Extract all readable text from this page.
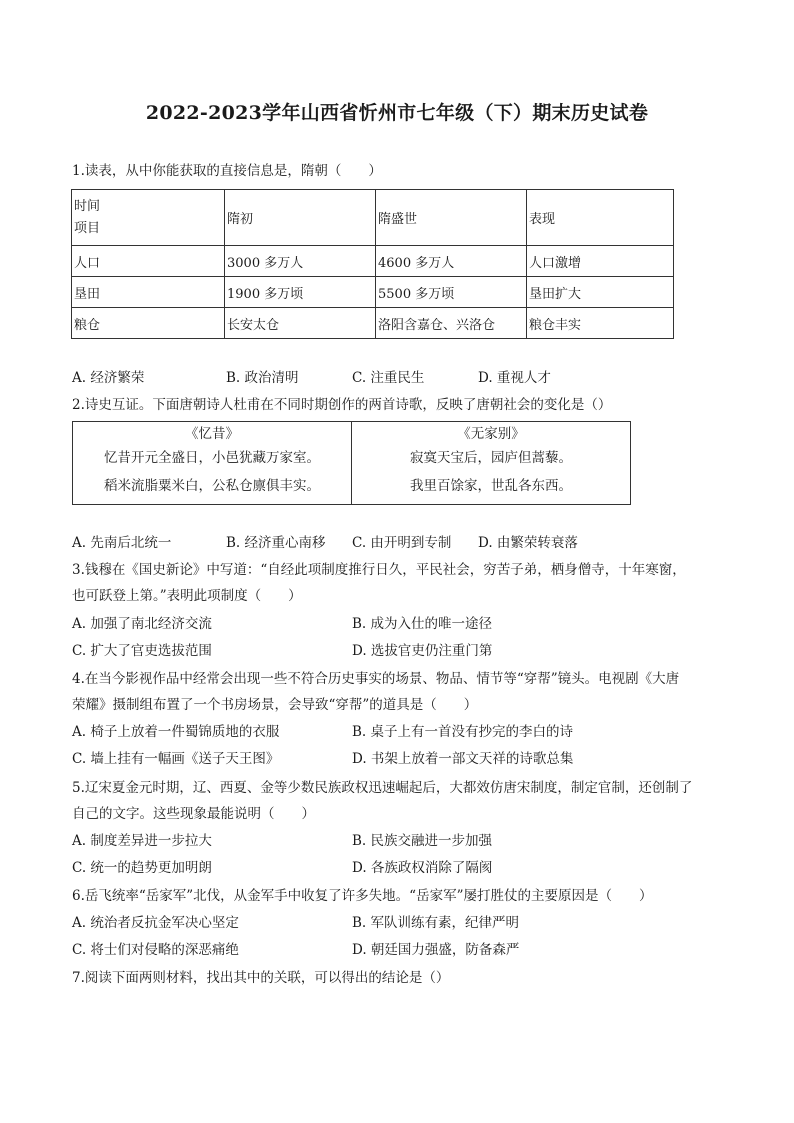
2022-2023学年山西省忻州市七年级（下）期末历史试卷
1.读表，从中你能获取的直接信息是，隋朝（　　）
时间
项目	隋初	隋盛世	表现
人口	3000 多万人	4600 多万人	人口激增
垦田	1900 多万顷	5500 多万顷	垦田扩大
粮仓	长安太仓	洛阳含嘉仓、兴洛仓	粮仓丰实
A. 经济繁荣	B. 政治清明	C. 注重民生	D. 重视人才
2.诗史互证。下面唐朝诗人杜甫在不同时期创作的两首诗歌，反映了唐朝社会的变化是（）
《忆昔》
忆昔开元全盛日，小邑犹藏万家室。
稻米流脂粟米白，公私仓廪俱丰实。

《无家别》
寂寞天宝后，园庐但蒿藜。
我里百馀家，世乱各东西。
A. 先南后北统一	B. 经济重心南移 C. 由开明到专制 D. 由繁荣转衰落
3.钱穆在《国史新论》中写道：“自经此项制度推行日久，平民社会，穷苦子弟，栖身僧寺，十年寒窗，
也可跃登上第。”表明此项制度（　　）
A. 加强了南北经济交流	B. 成为入仕的唯一途径
C. 扩大了官吏选拔范围	D. 选拔官吏仍注重门第
4.在当今影视作品中经常会出现一些不符合历史事实的场景、物品、情节等“穿帮”镜头。电视剧《大唐
荣耀》摄制组布置了一个书房场景，会导致“穿帮”的道具是（　　）
A. 椅子上放着一件蜀锦质地的衣服	B. 桌子上有一首没有抄完的李白的诗
C. 墙上挂有一幅画《送子天王图》	D. 书架上放着一部文天祥的诗歌总集
5.辽宋夏金元时期，辽、西夏、金等少数民族政权迅速崛起后，大都效仿唐宋制度，制定官制，还创制了
自己的文字。这些现象最能说明（　　）
A. 制度差异进一步拉大	B. 民族交融进一步加强
C. 统一的趋势更加明朗	D. 各族政权消除了隔阂
6.岳飞统率“岳家军”北伐，从金军手中收复了许多失地。“岳家军”屡打胜仗的主要原因是（　　）
A. 统治者反抗金军决心坚定	B. 军队训练有素，纪律严明
C. 将士们对侵略的深恶痛绝	D. 朝廷国力强盛，防备森严
7.阅读下面两则材料，找出其中的关联，可以得出的结论是（）
